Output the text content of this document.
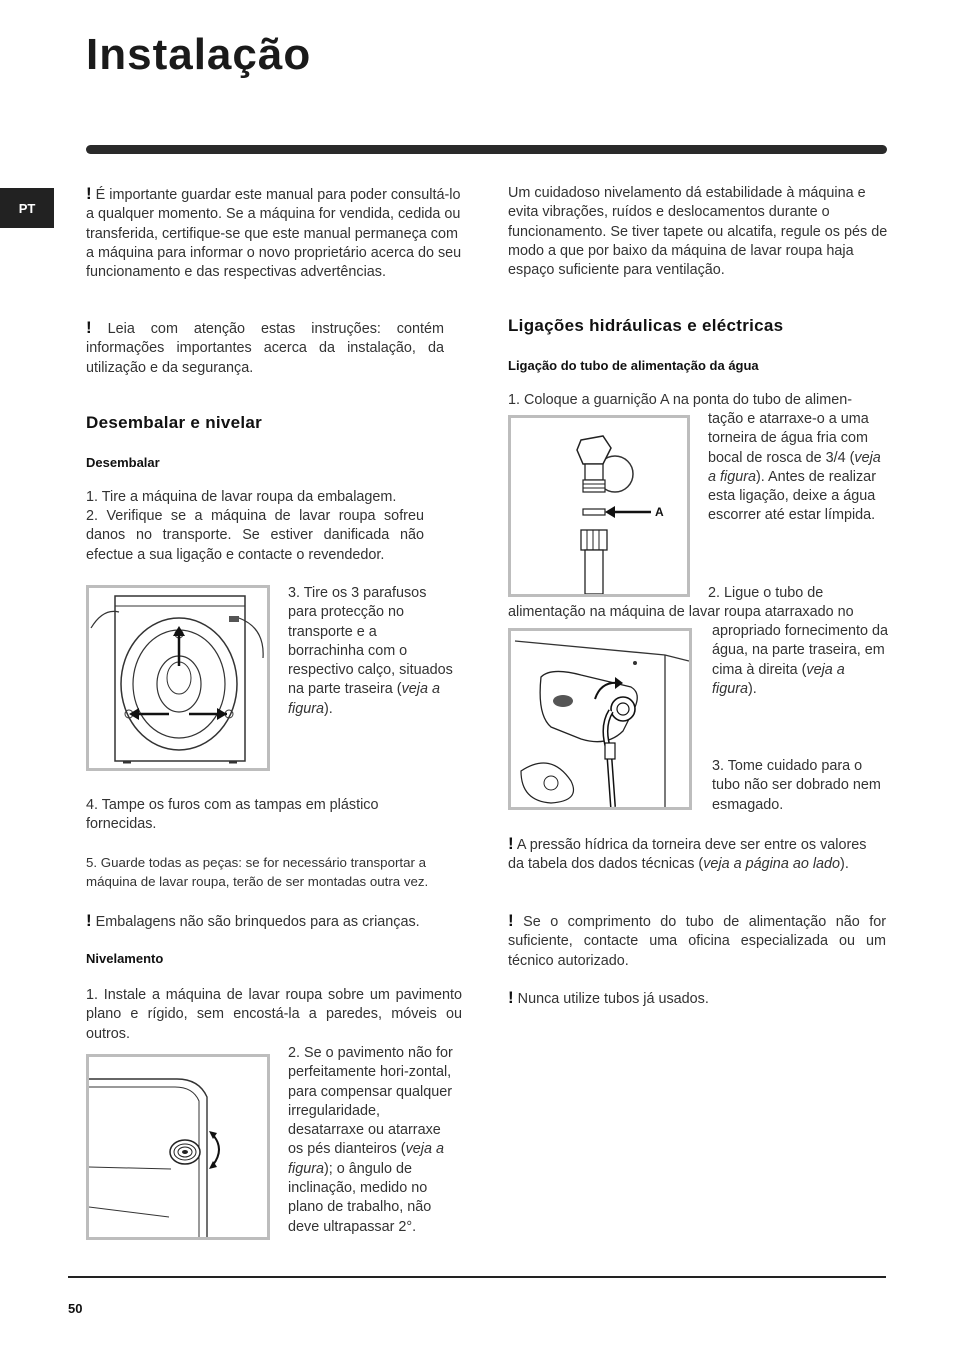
Instalação
PT

! É importante guardar este manual para poder consultá-lo a qualquer momento. Se a máquina for vendida, cedida ou transferida, certifique-se que este manual permaneça com a máquina para informar o novo proprietário acerca do seu funcionamento e das respectivas advertências.

! Leia com atenção estas instruções: contém informações importantes acerca da instalação, da utilização e da segurança.

Desembalar e nivelar
Desembalar

1. Tire a máquina de lavar roupa da embalagem.

2. Verifique se a máquina de lavar roupa sofreu danos no transporte. Se estiver danificada não efectue a sua ligação e contacte o revendedor.

3. Tire os 3 parafusos para protecção no transporte e a borrachinha com o respectivo calço, situados na parte traseira (veja a figura).

4. Tampe os furos com as tampas em plástico fornecidas.

5. Guarde todas as peças: se for necessário transportar a máquina de lavar roupa, terão de ser montadas outra vez.

! Embalagens não são brinquedos para as crianças.

Nivelamento

1. Instale a máquina de lavar roupa sobre um pavimento plano e rígido, sem encostá-la a paredes, móveis ou outros.

2. Se o pavimento não for perfeitamente hori-zontal, para compensar qualquer irregularidade, desatarraxe ou atarraxe os pés dianteiros (veja a figura); o ângulo de inclinação, medido no plano de trabalho, não deve ultrapassar 2°.

Um cuidadoso nivelamento dá estabilidade à máquina e evita vibrações, ruídos e deslocamentos durante o funcionamento. Se tiver tapete ou alcatifa, regule os pés de modo a que por baixo da máquina de lavar roupa haja espaço suficiente para ventilação.

Ligações hidráulicas e eléctricas
Ligação do tubo de alimentação da água

1. Coloque a guarnição A na ponta do tubo de alimen-

A

tação e atarraxe-o a uma torneira de água fria com bocal de rosca de 3/4 (veja a figura). Antes de realizar esta ligação, deixe a água escorrer até estar límpida.

2. Ligue o tubo de

alimentação na máquina de lavar roupa atarraxado no

apropriado fornecimento da água, na parte traseira, em cima à direita (veja a figura).

3. Tome cuidado para o tubo não ser dobrado nem esmagado.

! A pressão hídrica da torneira deve ser entre os valores da tabela dos dados técnicas (veja a página ao lado).

! Se o comprimento do tubo de alimentação não for suficiente, contacte uma oficina especializada ou um técnico autorizado.

! Nunca utilize tubos já usados.

50
